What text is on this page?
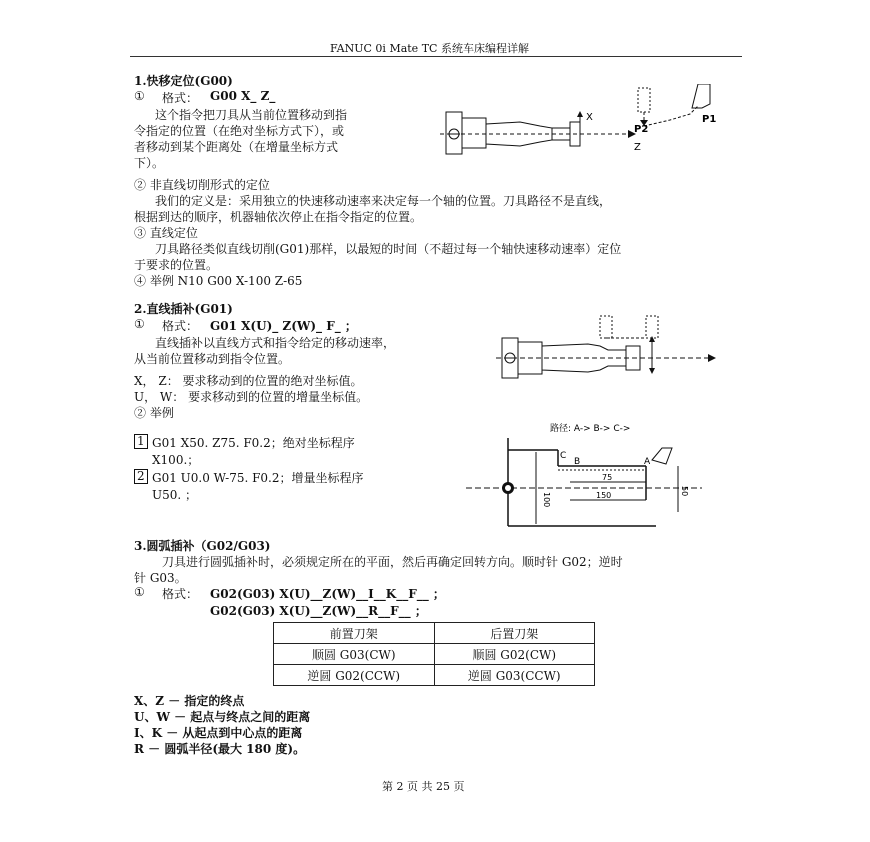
FANUC 0i Mate TC 系统车床编程详解
1.快移定位(G00)
① 格式： G00 X_ Z_
这个指令把刀具从当前位置移动到指
令指定的位置（在绝对坐标方式下），或
者移动到某个距离处（在增量坐标方式
下）。
X
Z
P2
P1
② 非直线切削形式的定位
我们的定义是：采用独立的快速移动速率来决定每一个轴的位置。刀具路径不是直线，
根据到达的顺序，机器轴依次停止在指令指定的位置。
③ 直线定位
刀具路径类似直线切削(G01)那样，以最短的时间（不超过每一个轴快速移动速率）定位
于要求的位置。
④ 举例 N10 G00 X-100 Z-65
2.直线插补(G01)
① 格式： G01 X(U)_ Z(W)_ F_ ；
直线插补以直线方式和指令给定的移动速率，
从当前位置移动到指令位置。
X， Z： 要求移动到的位置的绝对坐标值。
U， W： 要求移动到的位置的增量坐标值。
② 举例
1 G01 X50. Z75. F0.2；绝对坐标程序
X100.；
2 G01 U0.0 W-75. F0.2；增量坐标程序
U50. ；
路径: A-> B-> C->
100
75
150	50
C
B	A
3.圆弧插补（G02/G03)
刀具进行圆弧插补时，必须规定所在的平面，然后再确定回转方向。顺时针 G02；逆时
针 G03。
① 格式： G02(G03) X(U)__Z(W)__I__K__F__ ；
G02(G03) X(U)__Z(W)__R__F__ ；
前置刀架	后置刀架
顺圆 G03(CW)	顺圆 G02(CW)
逆圆 G02(CCW)	逆圆 G03(CCW)
X、Z － 指定的终点
U、W － 起点与终点之间的距离
I、K － 从起点到中心点的距离
R － 圆弧半径(最大 180 度)。
第 2 页 共 25 页
